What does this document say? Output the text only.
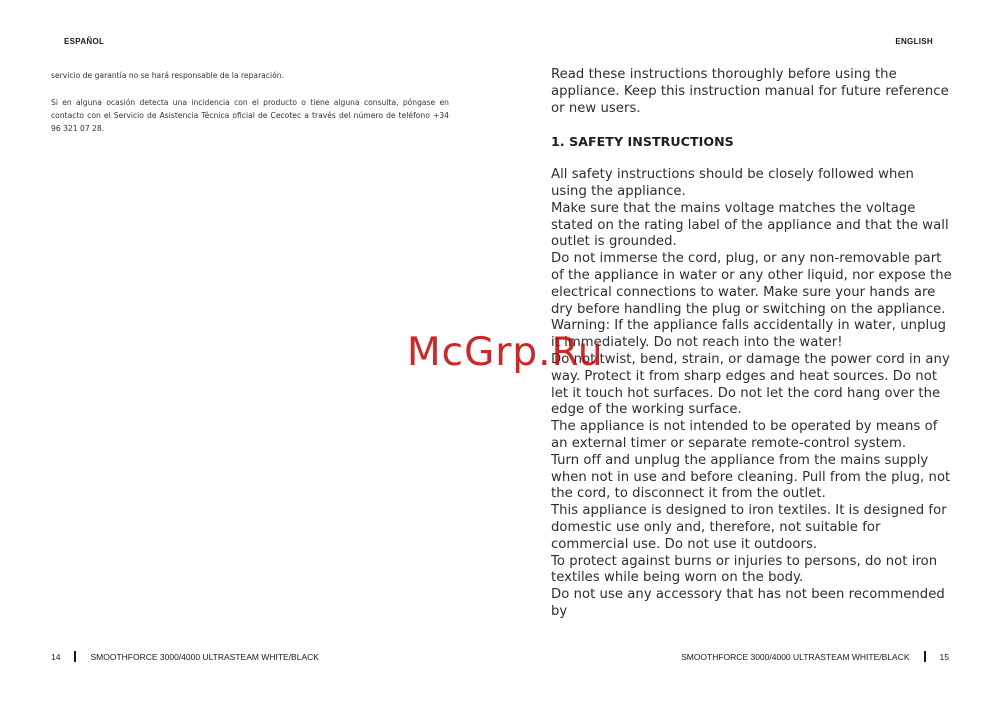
ESPAÑOL	ENGLISH

servicio de garantía no se hará responsable de la reparación.

Si en alguna ocasión detecta una incidencia con el producto o tiene alguna consulta, póngase en contacto con el Servicio de Asistencia Técnica oficial de Cecotec a través del número de teléfono +34 96 321 07 28.

Read these instructions thoroughly before using the appliance. Keep this instruction manual for future reference or new users.

1. SAFETY INSTRUCTIONS

All safety instructions should be closely followed when using the appliance.

Make sure that the mains voltage matches the voltage stated on the rating label of the appliance and that the wall outlet is grounded.

Do not immerse the cord, plug, or any non-removable part of the appliance in water or any other liquid, nor expose the electrical connections to water. Make sure your hands are dry before handling the plug or switching on the appliance.

Warning: If the appliance falls accidentally in water, unplug it immediately. Do not reach into the water!

Do not twist, bend, strain, or damage the power cord in any way. Protect it from sharp edges and heat sources. Do not let it touch hot surfaces. Do not let the cord hang over the edge of the working surface.

The appliance is not intended to be operated by means of an external timer or separate remote-control system.

Turn off and unplug the appliance from the mains supply when not in use and before cleaning. Pull from the plug, not the cord, to disconnect it from the outlet.

This appliance is designed to iron textiles. It is designed for domestic use only and, therefore, not suitable for commercial use. Do not use it outdoors.

To protect against burns or injuries to persons, do not iron textiles while being worn on the body.

Do not use any accessory that has not been recommended by

McGrp.Ru
14	SMOOTHFORCE 3000/4000 ULTRASTEAM WHITE/BLACK	SMOOTHFORCE 3000/4000 ULTRASTEAM WHITE/BLACK	15
